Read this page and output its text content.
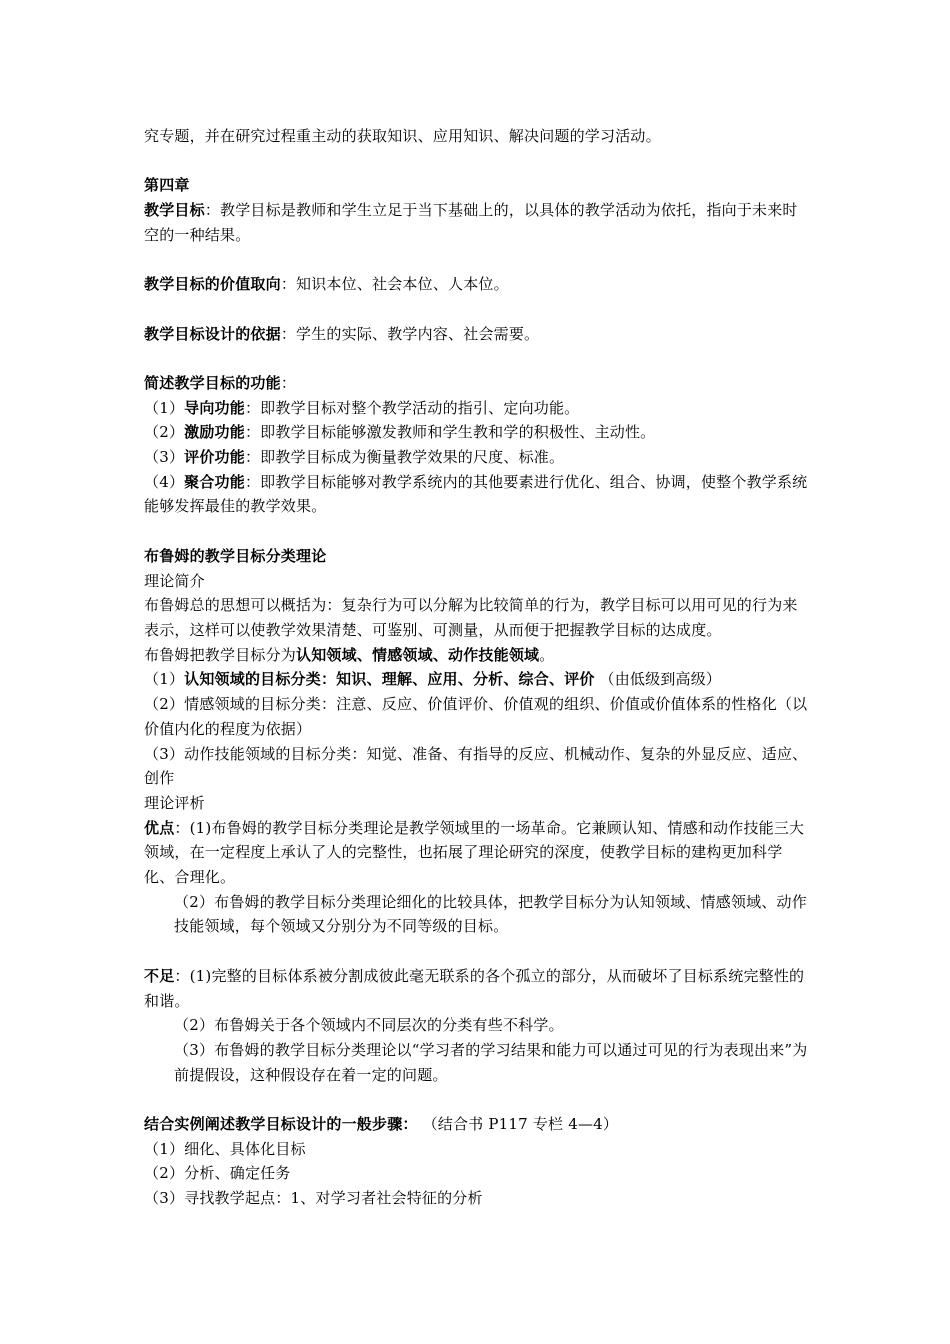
究专题，并在研究过程重主动的获取知识、应用知识、解决问题的学习活动。

第四章

教学目标：教学目标是教师和学生立足于当下基础上的，以具体的教学活动为依托，指向于未来时空的一种结果。

教学目标的价值取向：知识本位、社会本位、人本位。

教学目标设计的依据：学生的实际、教学内容、社会需要。

简述教学目标的功能：

（1）导向功能：即教学目标对整个教学活动的指引、定向功能。

（2）激励功能：即教学目标能够激发教师和学生教和学的积极性、主动性。

（3）评价功能：即教学目标成为衡量教学效果的尺度、标准。

（4）聚合功能：即教学目标能够对教学系统内的其他要素进行优化、组合、协调，使整个教学系统能够发挥最佳的教学效果。

布鲁姆的教学目标分类理论

理论简介

布鲁姆总的思想可以概括为：复杂行为可以分解为比较简单的行为，教学目标可以用可见的行为来表示，这样可以使教学效果清楚、可鉴别、可测量，从而便于把握教学目标的达成度。

布鲁姆把教学目标分为认知领域、情感领域、动作技能领域。

（1）认知领域的目标分类：知识、理解、应用、分析、综合、评价 （由低级到高级）

（2）情感领域的目标分类：注意、反应、价值评价、价值观的组织、价值或价值体系的性格化（以价值内化的程度为依据）

（3）动作技能领域的目标分类：知觉、准备、有指导的反应、机械动作、复杂的外显反应、适应、创作

理论评析

优点：(1)布鲁姆的教学目标分类理论是教学领域里的一场革命。它兼顾认知、情感和动作技能三大领域，在一定程度上承认了人的完整性，也拓展了理论研究的深度，使教学目标的建构更加科学化、合理化。

（2）布鲁姆的教学目标分类理论细化的比较具体，把教学目标分为认知领域、情感领域、动作技能领域，每个领域又分别分为不同等级的目标。

不足：(1)完整的目标体系被分割成彼此毫无联系的各个孤立的部分，从而破坏了目标系统完整性的和谐。

（2）布鲁姆关于各个领域内不同层次的分类有些不科学。

（3）布鲁姆的教学目标分类理论以“学习者的学习结果和能力可以通过可见的行为表现出来”为前提假设，这种假设存在着一定的问题。

结合实例阐述教学目标设计的一般步骤： （结合书 P117 专栏 4—4）

（1）细化、具体化目标

（2）分析、确定任务

（3）寻找教学起点：1、对学习者社会特征的分析
